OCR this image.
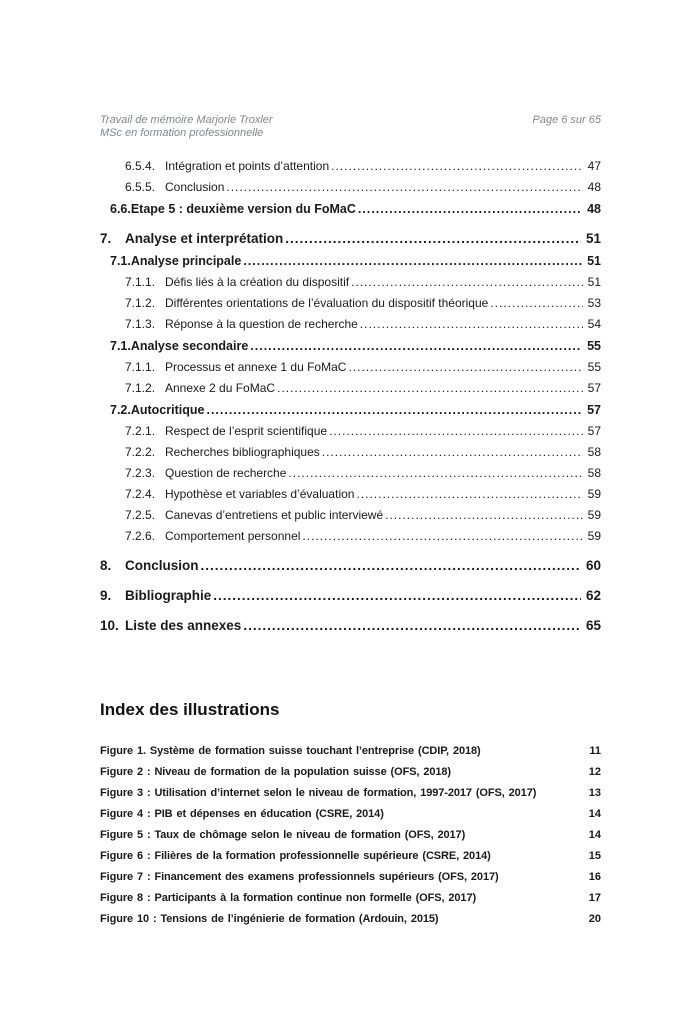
Travail de mémoire Marjorie Troxler
MSc en formation professionnelle
Page 6 sur 65
6.5.4. Intégration et points d’attention .....	47
6.5.5. Conclusion .....	48
6.6.Etape 5 : deuxième version du FoMaC .....	48
7.	Analyse et interprétation .....	51
7.1.Analyse principale .....	51
7.1.1. Défis liés à la création du dispositif .....	51
7.1.2. Différentes orientations de l’évaluation du dispositif théorique .....	53
7.1.3. Réponse à la question de recherche .....	54
7.1.Analyse secondaire .....	55
7.1.1. Processus et annexe 1 du FoMaC .....	55
7.1.2. Annexe 2 du FoMaC .....	57
7.2.Autocritique .....	57
7.2.1. Respect de l’esprit scientifique .....	57
7.2.2. Recherches bibliographiques .....	58
7.2.3. Question de recherche .....	58
7.2.4. Hypothèse et variables d’évaluation .....	59
7.2.5. Canevas d’entretiens et public interviewé .....	59
7.2.6. Comportement personnel .....	59
8.	Conclusion .....	60
9.	Bibliographie .....	62
10. Liste des annexes .....	65
Index des illustrations
Figure 1. Système de formation suisse touchant l’entreprise (CDIP, 2018)	11
Figure 2 : Niveau de formation de la population suisse (OFS, 2018)	12
Figure 3 : Utilisation d’internet selon le niveau de formation, 1997-2017 (OFS, 2017)	13
Figure 4 : PIB et dépenses en éducation (CSRE, 2014)	14
Figure 5 : Taux de chômage selon le niveau de formation (OFS, 2017)	14
Figure 6 : Filières de la formation professionnelle supérieure (CSRE, 2014)	15
Figure 7 : Financement des examens professionnels supérieurs (OFS, 2017)	16
Figure 8 : Participants à la formation continue non formelle (OFS, 2017)	17
Figure 10 : Tensions de l’ingénierie de formation (Ardouin, 2015)	20
